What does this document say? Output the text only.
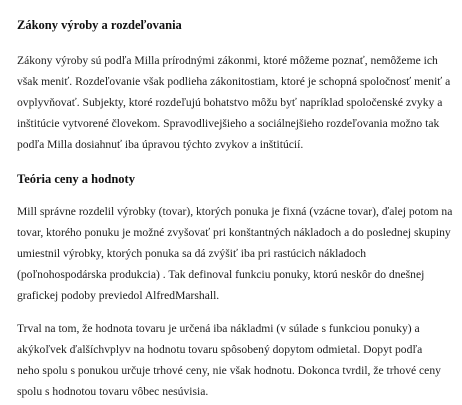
Zákony výroby a rozdeľovania
Zákony výroby sú podľa Milla prírodnými zákonmi, ktoré môžeme poznať, nemôžeme ich
však meniť. Rozdeľovanie však podlieha zákonitostiam, ktoré je schopná spoločnosť meniť a
ovplyvňovať. Subjekty, ktoré rozdeľujú bohatstvo môžu byť napríklad spoločenské zvyky a
inštitúcie vytvorené človekom. Spravodlivejšieho a sociálnejšieho rozdeľovania možno tak
podľa Milla dosiahnuť iba úpravou týchto zvykov a inštitúcií.
Teória ceny a hodnoty
Mill správne rozdelil výrobky (tovar), ktorých ponuka je fixná (vzácne tovar), ďalej potom na
tovar, ktorého ponuku je možné zvyšovať pri konštantných nákladoch a do poslednej skupiny
umiestnil výrobky, ktorých ponuka sa dá zvýšiť iba pri rastúcich nákladoch
(poľnohospodárska produkcia) . Tak definoval funkciu ponuky, ktorú neskôr do dnešnej
grafickej podoby previedol AlfredMarshall.
Trval na tom, že hodnota tovaru je určená iba nákladmi (v súlade s funkciou ponuky) a
akýkoľvek ďalšíchvplyv na hodnotu tovaru spôsobený dopytom odmietal. Dopyt podľa
neho spolu s ponukou určuje trhové ceny, nie však hodnotu. Dokonca tvrdil, že trhové ceny
spolu s hodnotou tovaru vôbec nesúvisia.
